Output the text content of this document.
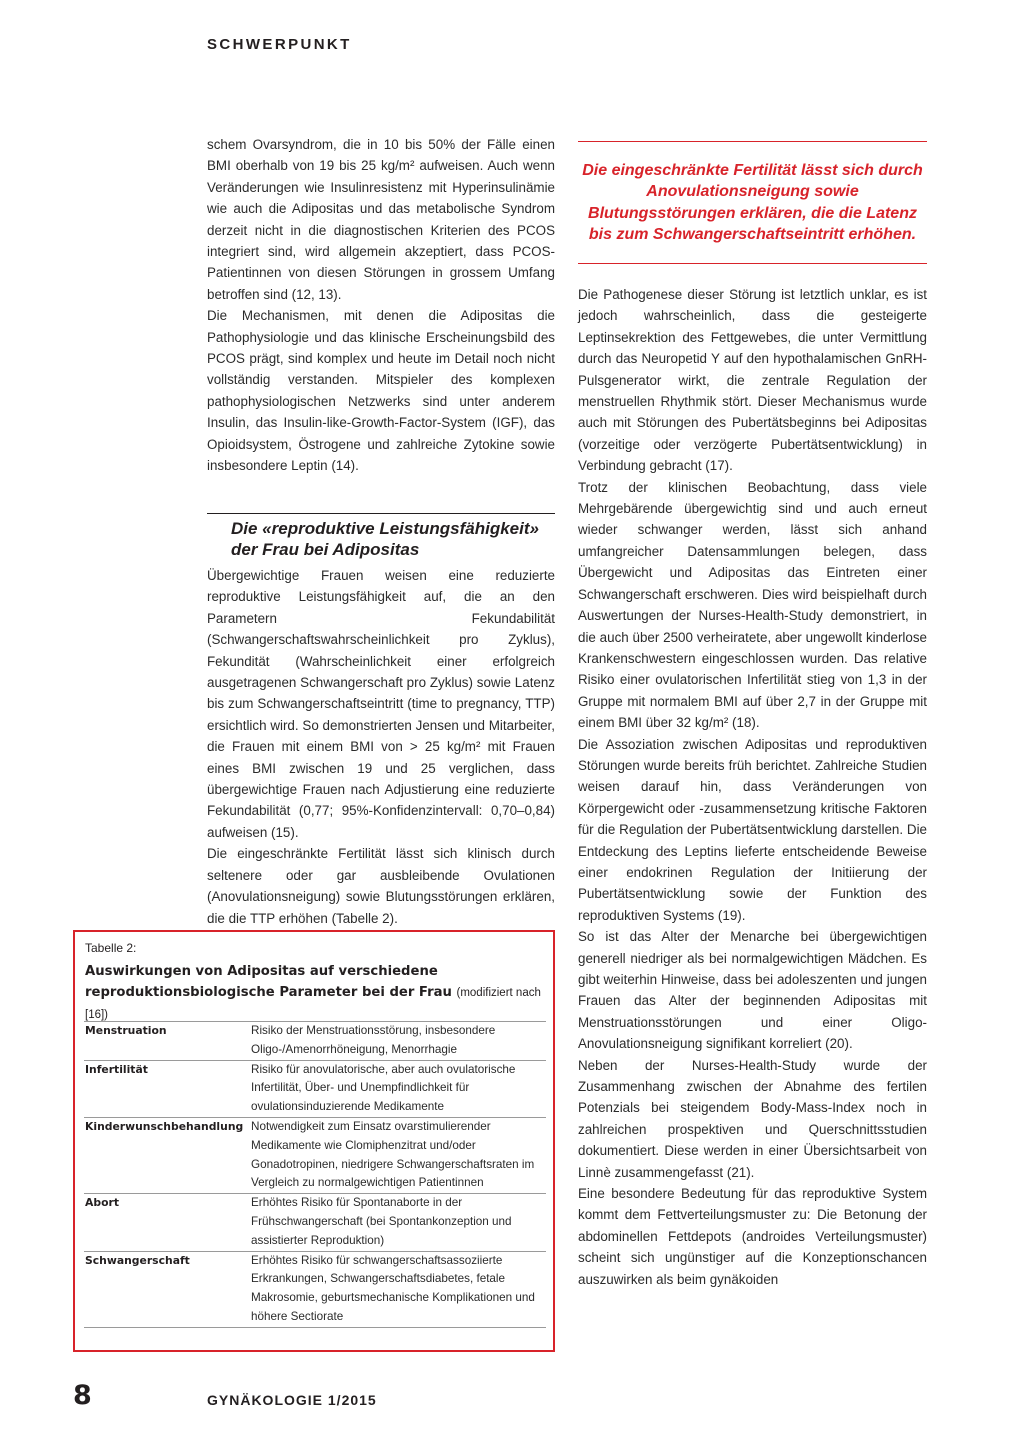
SCHWERPUNKT

schem Ovarsyndrom, die in 10 bis 50% der Fälle einen BMI oberhalb von 19 bis 25 kg/m² aufweisen. Auch wenn Veränderungen wie Insulinresistenz mit Hyperinsulinämie wie auch die Adipositas und das metabolische Syndrom derzeit nicht in die diagnostischen Kriterien des PCOS integriert sind, wird allgemein akzeptiert, dass PCOS-Patientinnen von diesen Störungen in grossem Umfang betroffen sind (12, 13).

Die Mechanismen, mit denen die Adipositas die Pathophysiologie und das klinische Erscheinungsbild des PCOS prägt, sind komplex und heute im Detail noch nicht vollständig verstanden. Mitspieler des komplexen pathophysiologischen Netzwerks sind unter anderem Insulin, das Insulin-like-Growth-Factor-System (IGF), das Opioidsystem, Östrogene und zahlreiche Zytokine sowie insbesondere Leptin (14).

Die «reproduktive Leistungsfähigkeit» der Frau bei Adipositas

Übergewichtige Frauen weisen eine reduzierte reproduktive Leistungsfähigkeit auf, die an den Parametern Fekundabilität (Schwangerschaftswahrscheinlichkeit pro Zyklus), Fekundität (Wahrscheinlichkeit einer erfolgreich ausgetragenen Schwangerschaft pro Zyklus) sowie Latenz bis zum Schwangerschaftseintritt (time to pregnancy, TTP) ersichtlich wird. So demonstrierten Jensen und Mitarbeiter, die Frauen mit einem BMI von > 25 kg/m² mit Frauen eines BMI zwischen 19 und 25 verglichen, dass übergewichtige Frauen nach Adjustierung eine reduzierte Fekundabilität (0,77; 95%-Konfidenzintervall: 0,70–0,84) aufweisen (15).

Die eingeschränkte Fertilität lässt sich klinisch durch seltenere oder gar ausbleibende Ovulationen (Anovulationsneigung) sowie Blutungsstörungen erklären, die die TTP erhöhen (Tabelle 2).

Die eingeschränkte Fertilität lässt sich durch Anovulationsneigung sowie Blutungsstörungen erklären, die die Latenz bis zum Schwangerschaftseintritt erhöhen.

Die Pathogenese dieser Störung ist letztlich unklar, es ist jedoch wahrscheinlich, dass die gesteigerte Leptinsekrektion des Fettgewebes, die unter Vermittlung durch das Neuropetid Y auf den hypothalamischen GnRH-Pulsgenerator wirkt, die zentrale Regulation der menstruellen Rhythmik stört. Dieser Mechanismus wurde auch mit Störungen des Pubertätsbeginns bei Adipositas (vorzeitige oder verzögerte Pubertätsentwicklung) in Verbindung gebracht (17).

Trotz der klinischen Beobachtung, dass viele Mehrgebärende übergewichtig sind und auch erneut wieder schwanger werden, lässt sich anhand umfangreicher Datensammlungen belegen, dass Übergewicht und Adipositas das Eintreten einer Schwangerschaft erschweren. Dies wird beispielhaft durch Auswertungen der Nurses-Health-Study demonstriert, in die auch über 2500 verheiratete, aber ungewollt kinderlose Krankenschwestern eingeschlossen wurden. Das relative Risiko einer ovulatorischen Infertilität stieg von 1,3 in der Gruppe mit normalem BMI auf über 2,7 in der Gruppe mit einem BMI über 32 kg/m² (18).

Die Assoziation zwischen Adipositas und reproduktiven Störungen wurde bereits früh berichtet. Zahlreiche Studien weisen darauf hin, dass Veränderungen von Körpergewicht oder -zusammensetzung kritische Faktoren für die Regulation der Pubertätsentwicklung darstellen. Die Entdeckung des Leptins lieferte entscheidende Beweise einer endokrinen Regulation der Initiierung der Pubertätsentwicklung sowie der Funktion des reproduktiven Systems (19).

So ist das Alter der Menarche bei übergewichtigen generell niedriger als bei normalgewichtigen Mädchen. Es gibt weiterhin Hinweise, dass bei adoleszenten und jungen Frauen das Alter der beginnenden Adipositas mit Menstruationsstörungen und einer Oligo-Anovulationsneigung signifikant korreliert (20).

Neben der Nurses-Health-Study wurde der Zusammenhang zwischen der Abnahme des fertilen Potenzials bei steigendem Body-Mass-Index noch in zahlreichen prospektiven und Querschnittsstudien dokumentiert. Diese werden in einer Übersichtsarbeit von Linnè zusammengefasst (21).

Eine besondere Bedeutung für das reproduktive System kommt dem Fettverteilungsmuster zu: Die Betonung der abdominellen Fettdepots (androides Verteilungsmuster) scheint sich ungünstiger auf die Konzeptionschancen auszuwirken als beim gynäkoiden

Tabelle 2:
Auswirkungen von Adipositas auf verschiedene reproduktionsbiologische Parameter bei der Frau (modifiziert nach [16])
Menstruation	Risiko der Menstruationsstörung, insbesondere Oligo-/Amenorrhöneigung, Menorrhagie
Infertilität	Risiko für anovulatorische, aber auch ovulatorische Infertilität, Über- und Unempfindlichkeit für ovulationsinduzierende Medikamente
Kinderwunschbehandlung Notwendigkeit zum Einsatz ovarstimulierender Medikamente wie Clomiphenzitrat und/oder Gonadotropinen, niedrigere Schwangerschaftsraten im Vergleich zu normalgewichtigen Patientinnen
Abort	Erhöhtes Risiko für Spontanaborte in der Frühschwangerschaft (bei Spontankonzeption und assistierter Reproduktion)
Schwangerschaft	Erhöhtes Risiko für schwangerschaftsassoziierte Erkrankungen, Schwangerschaftsdiabetes, fetale Makrosomie, geburtsmechanische Komplikationen und höhere Sectiorate
8	GYNÄKOLOGIE 1/2015
